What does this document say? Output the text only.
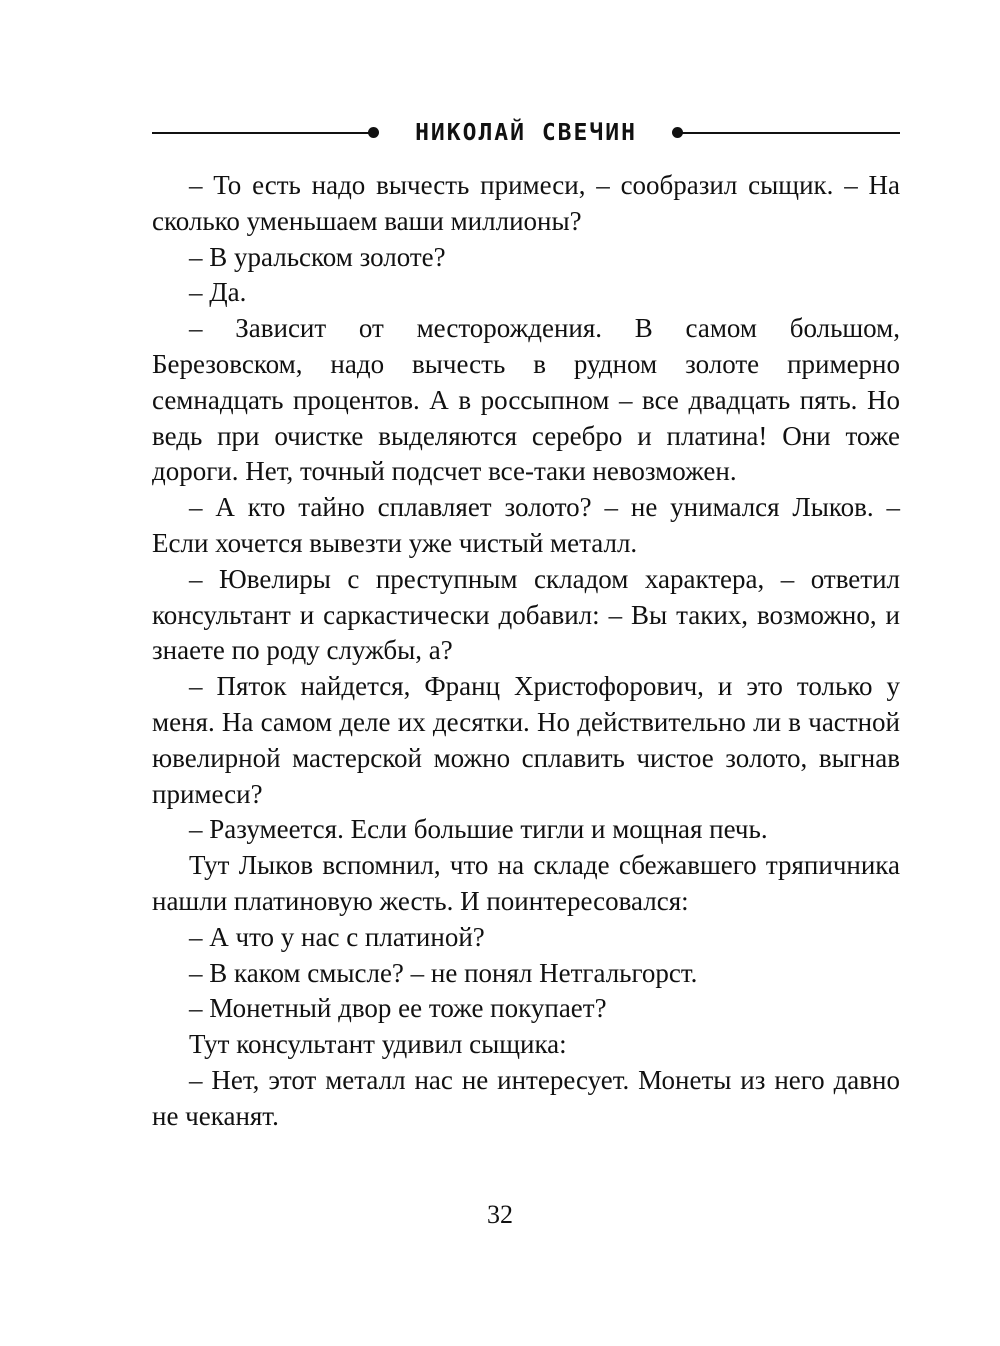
НИКОЛАЙ СВЕЧИН

– То есть надо вычесть примеси, – сообразил сыщик. – На сколько уменьшаем ваши миллионы?

– В уральском золоте?

– Да.

– Зависит от месторождения. В самом большом, Березовском, надо вычесть в рудном золоте примерно семнадцать процентов. А в россыпном – все двадцать пять. Но ведь при очистке выделяются серебро и платина! Они тоже дороги. Нет, точный подсчет все-таки невозможен.

– А кто тайно сплавляет золото? – не унимался Лыков. – Если хочется вывезти уже чистый металл.

– Ювелиры с преступным складом характера, – ответил консультант и саркастически добавил: – Вы таких, возможно, и знаете по роду службы, а?

– Пяток найдется, Франц Христофорович, и это только у меня. На самом деле их десятки. Но действительно ли в частной ювелирной мастерской можно сплавить чистое золото, выгнав примеси?

– Разумеется. Если большие тигли и мощная печь.

Тут Лыков вспомнил, что на складе сбежавшего тряпичника нашли платиновую жесть. И поинтересовался:

– А что у нас с платиной?

– В каком смысле? – не понял Нетгальгорст.

– Монетный двор ее тоже покупает?

Тут консультант удивил сыщика:

– Нет, этот металл нас не интересует. Монеты из него давно не чеканят.

32
